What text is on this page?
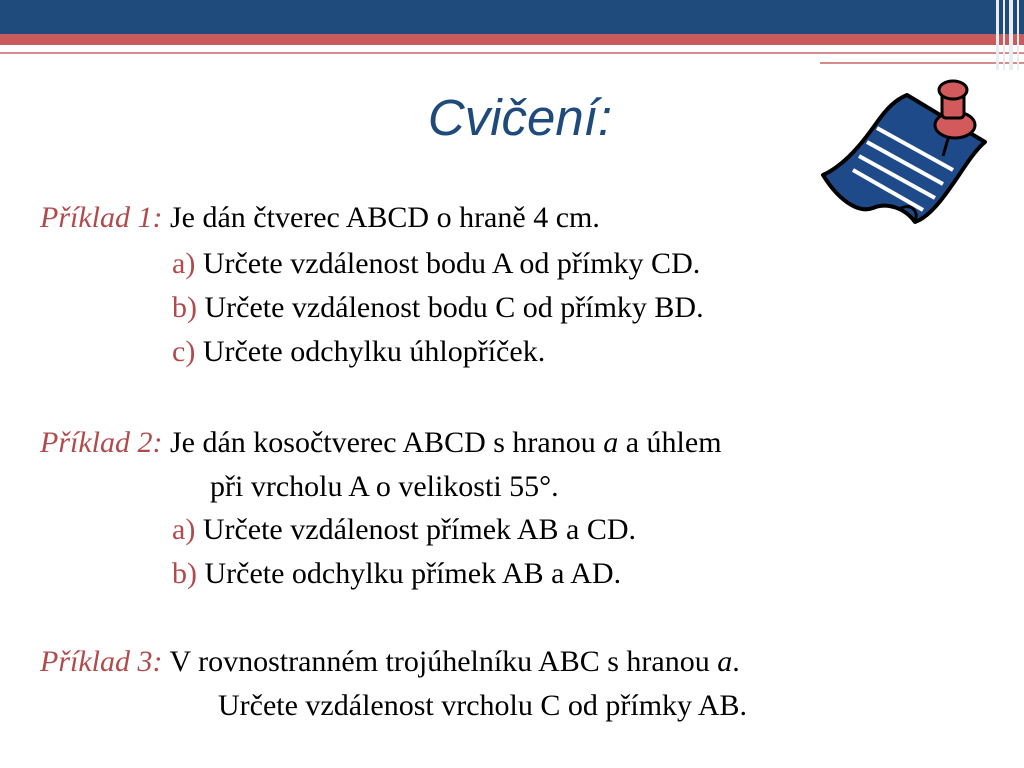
Cvičení:
Příklad 1: Je dán čtverec ABCD o hraně 4 cm.
a) Určete vzdálenost bodu A od přímky CD.
b) Určete vzdálenost bodu C od přímky BD.
c) Určete odchylku úhlopříček.
Příklad 2: Je dán kosočtverec ABCD s hranou a a úhlem
při vrcholu A o velikosti 55°.
a) Určete vzdálenost přímek AB a CD.
b) Určete odchylku přímek AB a AD.
Příklad 3: V rovnostranném trojúhelníku ABC s hranou a.
Určete vzdálenost vrcholu C od přímky AB.
